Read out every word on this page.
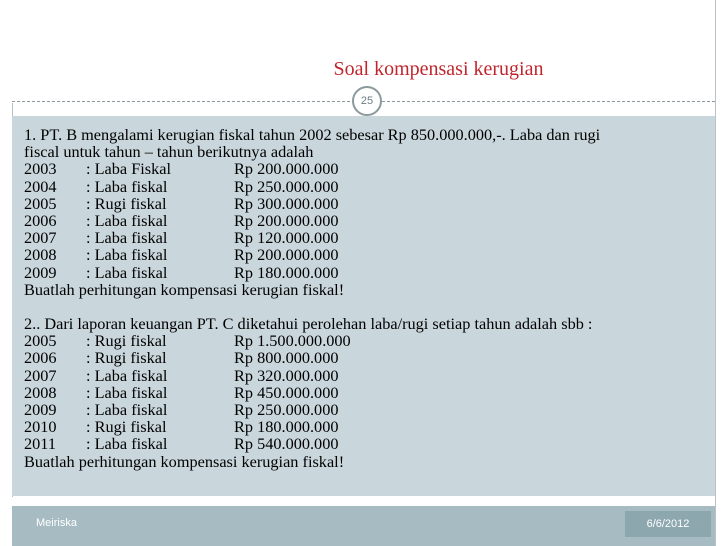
Soal kompensasi kerugian
25
1. PT. B mengalami kerugian fiskal tahun 2002 sebesar Rp 850.000.000,-. Laba dan rugi
fiscal untuk tahun – tahun berikutnya adalah
2003 : Laba Fiskal	Rp 200.000.000
2004 : Laba fiskal	Rp 250.000.000
2005 : Rugi fiskal	Rp 300.000.000
2006 : Laba fiskal	Rp 200.000.000
2007 : Laba fiskal	Rp 120.000.000
2008 : Laba fiskal	Rp 200.000.000
2009 : Laba fiskal	Rp 180.000.000
Buatlah perhitungan kompensasi kerugian fiskal!
2.. Dari laporan keuangan PT. C diketahui perolehan laba/rugi setiap tahun adalah sbb :
2005 : Rugi fiskal	Rp 1.500.000.000
2006 : Rugi fiskal	Rp 800.000.000
2007 : Laba fiskal	Rp 320.000.000
2008 : Laba fiskal	Rp 450.000.000
2009 : Laba fiskal	Rp 250.000.000
2010 : Rugi fiskal	Rp 180.000.000
2011 : Laba fiskal	Rp 540.000.000
Buatlah perhitungan kompensasi kerugian fiskal!
Meiriska	6/6/2012
